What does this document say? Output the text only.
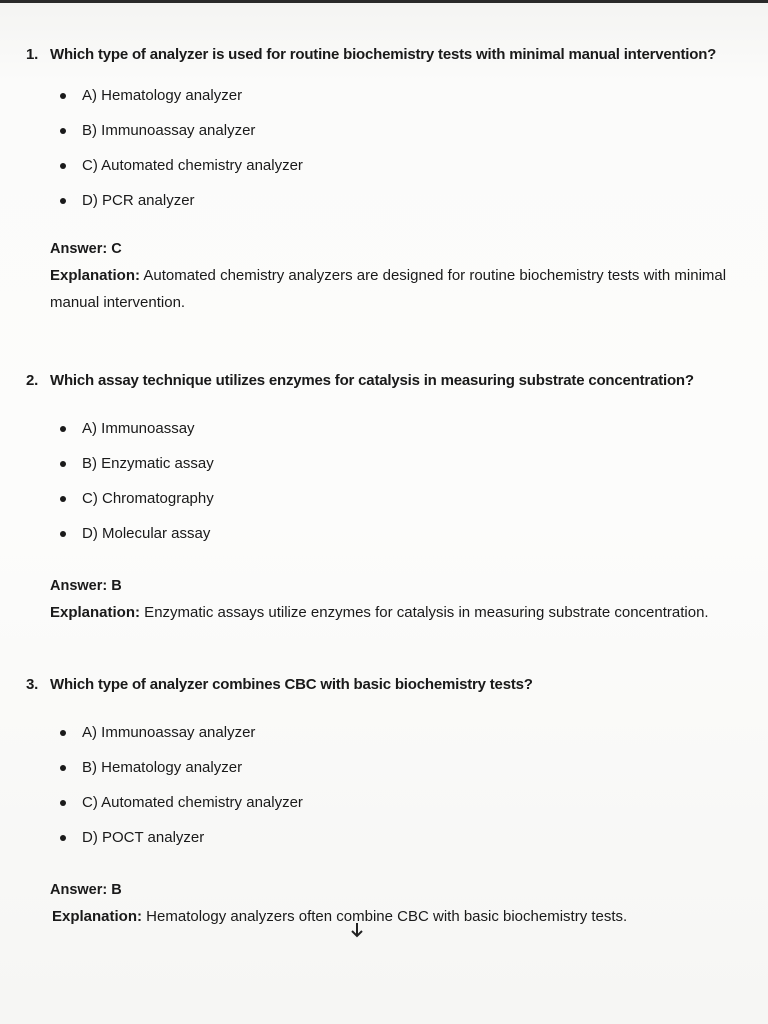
1. Which type of analyzer is used for routine biochemistry tests with minimal manual intervention?
A) Hematology analyzer
B) Immunoassay analyzer
C) Automated chemistry analyzer
D) PCR analyzer
Answer: C
Explanation: Automated chemistry analyzers are designed for routine biochemistry tests with minimal manual intervention.
2. Which assay technique utilizes enzymes for catalysis in measuring substrate concentration?
A) Immunoassay
B) Enzymatic assay
C) Chromatography
D) Molecular assay
Answer: B
Explanation: Enzymatic assays utilize enzymes for catalysis in measuring substrate concentration.
3. Which type of analyzer combines CBC with basic biochemistry tests?
A) Immunoassay analyzer
B) Hematology analyzer
C) Automated chemistry analyzer
D) POCT analyzer
Answer: B
Explanation: Hematology analyzers often combine CBC with basic biochemistry tests.
